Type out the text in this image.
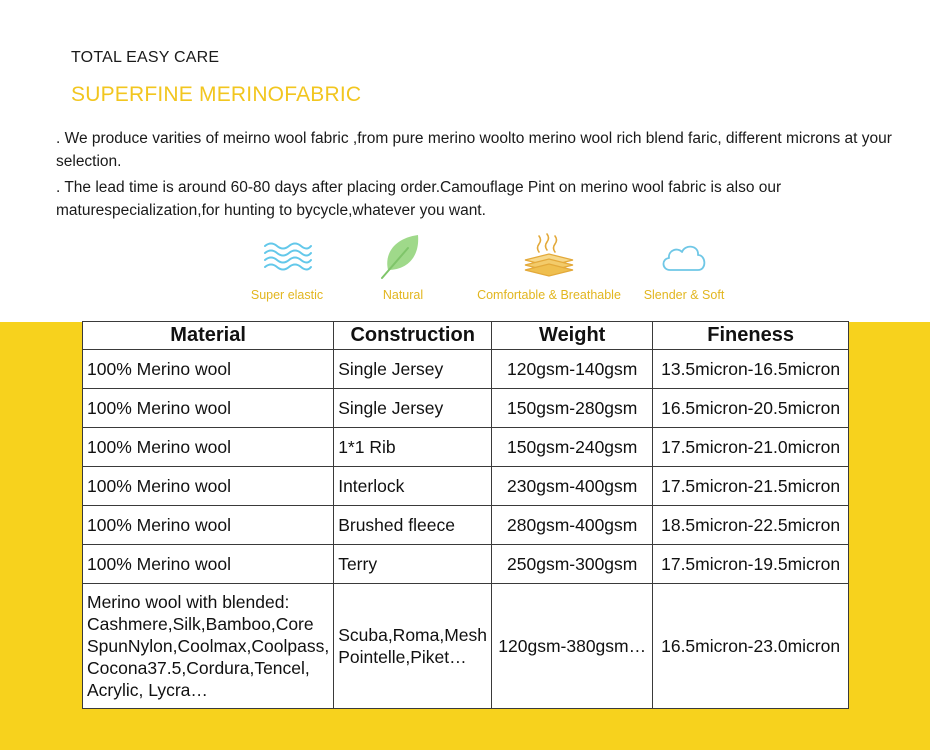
TOTAL EASY CARE
SUPERFINE MERINOFABRIC

. We produce varities of meirno wool fabric ,from pure merino woolto merino wool rich blend faric, different microns at your selection.

. The lead time is around 60-80 days after placing order.Camouflage Pint on merino wool fabric is also our maturespecialization,for hunting to bycycle,whatever you want.

Super elastic	Natural	Comfortable & Breathable	Slender & Soft
Material	Construction	Weight	Fineness
100% Merino wool	Single Jersey	120gsm-140gsm	13.5micron-16.5micron
100% Merino wool	Single Jersey	150gsm-280gsm	16.5micron-20.5micron
100% Merino wool	1*1 Rib	150gsm-240gsm	17.5micron-21.0micron
100% Merino wool	Interlock	230gsm-400gsm	17.5micron-21.5micron
100% Merino wool	Brushed fleece	280gsm-400gsm	18.5micron-22.5micron
100% Merino wool	Terry	250gsm-300gsm	17.5micron-19.5micron
Merino wool with blended: Cashmere,Silk,Bamboo,Core SpunNylon,Coolmax,Coolpass, Cocona37.5,Cordura,Tencel, Acrylic, Lycra…	Scuba,Roma,Mesh Pointelle,Piket…	120gsm-380gsm…	16.5micron-23.0micron
